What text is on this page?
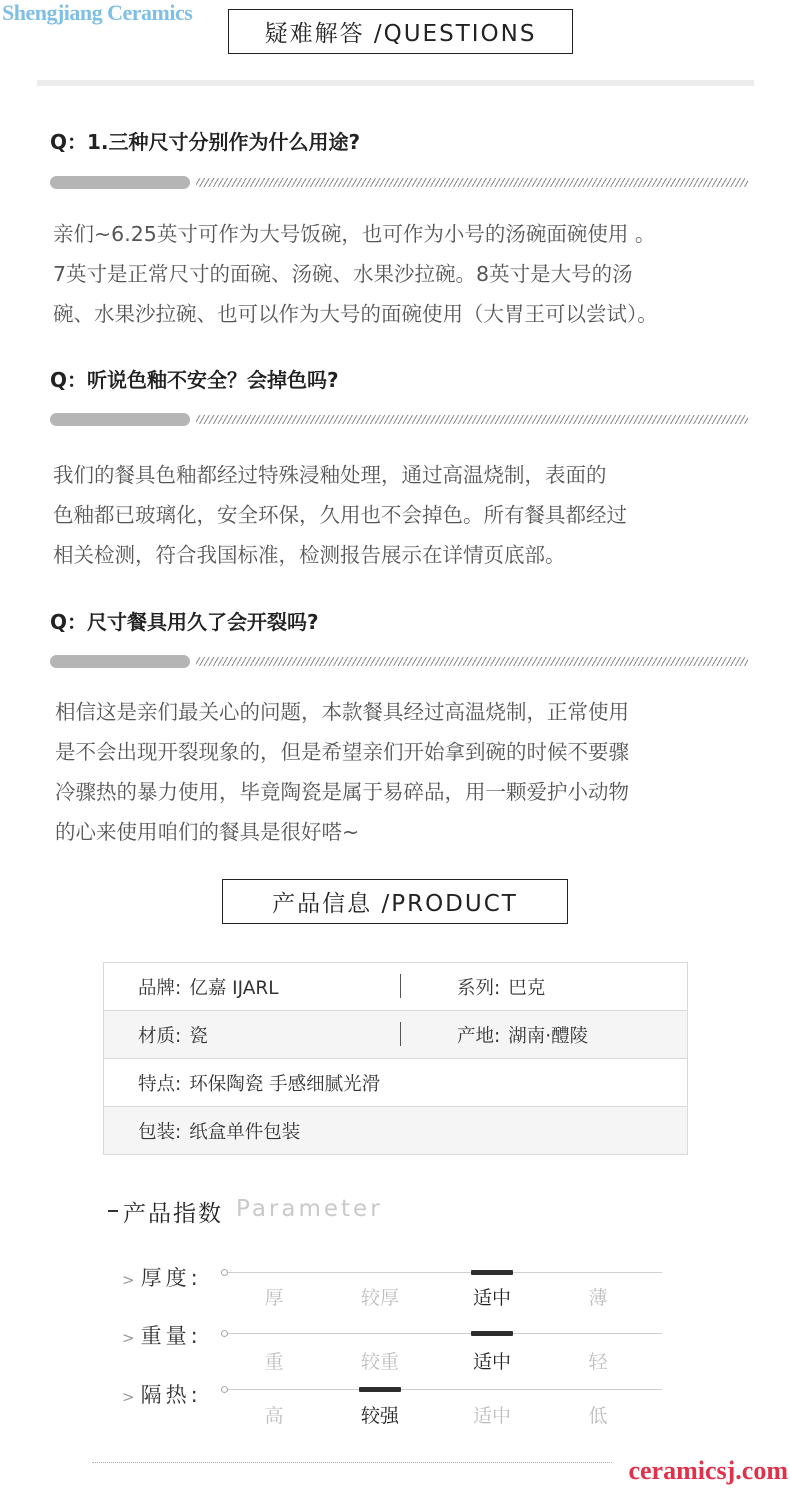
Shengjiang Ceramics
疑难解答 /QUESTIONS
Q：1.三种尺寸分别作为什么用途?
亲们~6.25英寸可作为大号饭碗，也可作为小号的汤碗面碗使用 。
7英寸是正常尺寸的面碗、汤碗、水果沙拉碗。8英寸是大号的汤
碗、水果沙拉碗、也可以作为大号的面碗使用（大胃王可以尝试）。
Q：听说色釉不安全？会掉色吗?
我们的餐具色釉都经过特殊浸釉处理，通过高温烧制，表面的
色釉都已玻璃化，安全环保，久用也不会掉色。所有餐具都经过
相关检测，符合我国标准，检测报告展示在详情页底部。
Q：尺寸餐具用久了会开裂吗?
相信这是亲们最关心的问题，本款餐具经过高温烧制，正常使用
是不会出现开裂现象的，但是希望亲们开始拿到碗的时候不要骤
冷骤热的暴力使用，毕竟陶瓷是属于易碎品，用一颗爱护小动物
的心来使用咱们的餐具是很好嗒~
产品信息 /PRODUCT
品牌: 亿嘉 IJARL	系列: 巴克
材质: 瓷	产地: 湖南·醴陵
特点: 环保陶瓷 手感细腻光滑	
包装: 纸盒单件包装	
产品指数 Parameter
> 厚度:
厚	较厚	适中	薄
> 重量:
重	较重	适中	轻
> 隔热:
高	较强	适中	低
ceramicsj.com
